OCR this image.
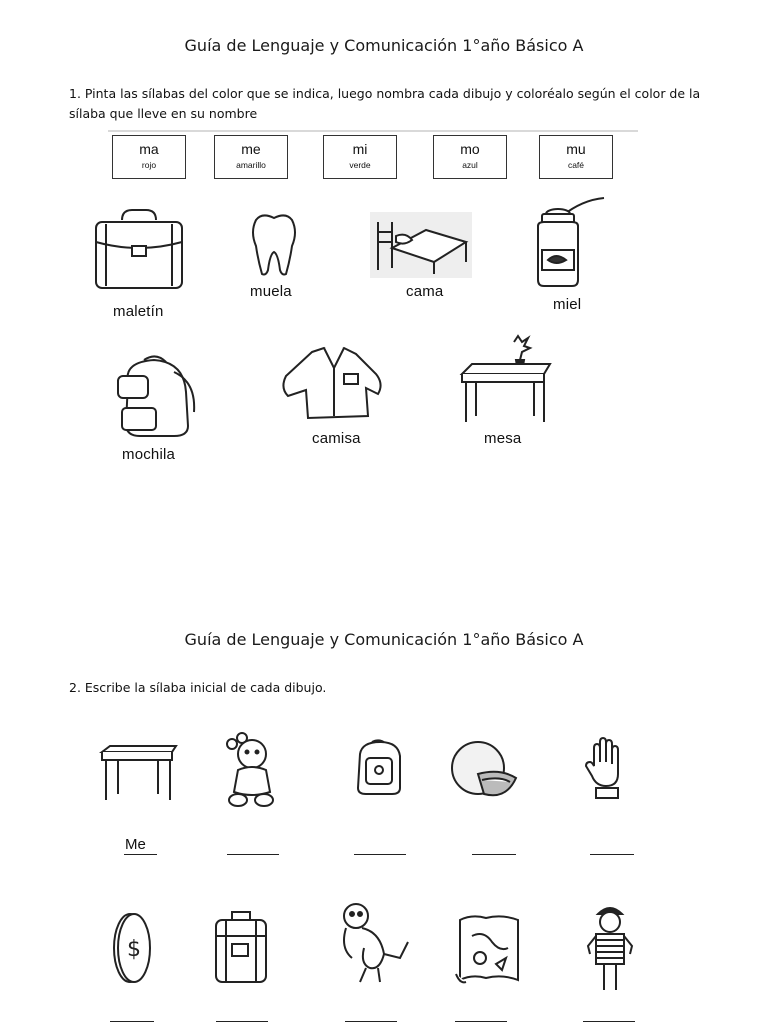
Guía de Lenguaje y Comunicación 1°año Básico A
1. Pinta las sílabas del color que se indica, luego nombra cada dibujo y coloréalo según el color de la sílaba que lleve en su nombre
ma
rojo
me
amarillo
mi
verde
mo
azul
mu
café
maletín
muela	cama
miel
mochila
camisa	mesa
Guía de Lenguaje y Comunicación 1°año Básico A
2. Escribe la sílaba inicial de cada dibujo.
Me
$
